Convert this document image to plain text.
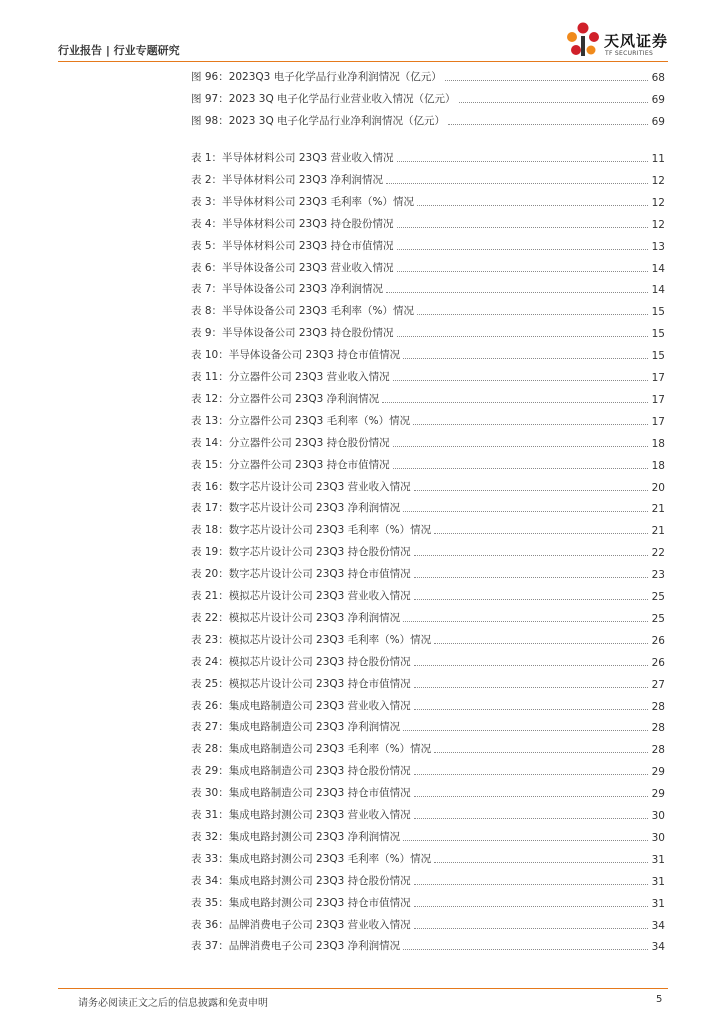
行业报告 | 行业专题研究
天风证券
TF SECURITIES
图 96：2023Q3 电子化学品行业净利润情况（亿元）	68
图 97：2023 3Q 电子化学品行业营业收入情况（亿元）	69
图 98：2023 3Q 电子化学品行业净利润情况（亿元）	69
表 1：半导体材料公司 23Q3 营业收入情况	11
表 2：半导体材料公司 23Q3 净利润情况	12
表 3：半导体材料公司 23Q3 毛利率（%）情况	12
表 4：半导体材料公司 23Q3 持仓股份情况	12
表 5：半导体材料公司 23Q3 持仓市值情况	13
表 6：半导体设备公司 23Q3 营业收入情况	14
表 7：半导体设备公司 23Q3 净利润情况	14
表 8：半导体设备公司 23Q3 毛利率（%）情况	15
表 9：半导体设备公司 23Q3 持仓股份情况	15
表 10：半导体设备公司 23Q3 持仓市值情况	15
表 11：分立器件公司 23Q3 营业收入情况	17
表 12：分立器件公司 23Q3 净利润情况	17
表 13：分立器件公司 23Q3 毛利率（%）情况	17
表 14：分立器件公司 23Q3 持仓股份情况	18
表 15：分立器件公司 23Q3 持仓市值情况	18
表 16：数字芯片设计公司 23Q3 营业收入情况	20
表 17：数字芯片设计公司 23Q3 净利润情况	21
表 18：数字芯片设计公司 23Q3 毛利率（%）情况	21
表 19：数字芯片设计公司 23Q3 持仓股份情况	22
表 20：数字芯片设计公司 23Q3 持仓市值情况	23
表 21：模拟芯片设计公司 23Q3 营业收入情况	25
表 22：模拟芯片设计公司 23Q3 净利润情况	25
表 23：模拟芯片设计公司 23Q3 毛利率（%）情况	26
表 24：模拟芯片设计公司 23Q3 持仓股份情况	26
表 25：模拟芯片设计公司 23Q3 持仓市值情况	27
表 26：集成电路制造公司 23Q3 营业收入情况	28
表 27：集成电路制造公司 23Q3 净利润情况	28
表 28：集成电路制造公司 23Q3 毛利率（%）情况	28
表 29：集成电路制造公司 23Q3 持仓股份情况	29
表 30：集成电路制造公司 23Q3 持仓市值情况	29
表 31：集成电路封测公司 23Q3 营业收入情况	30
表 32：集成电路封测公司 23Q3 净利润情况	30
表 33：集成电路封测公司 23Q3 毛利率（%）情况	31
表 34：集成电路封测公司 23Q3 持仓股份情况	31
表 35：集成电路封测公司 23Q3 持仓市值情况	31
表 36：品牌消费电子公司 23Q3 营业收入情况	34
表 37：品牌消费电子公司 23Q3 净利润情况	34
请务必阅读正文之后的信息披露和免责申明	5
